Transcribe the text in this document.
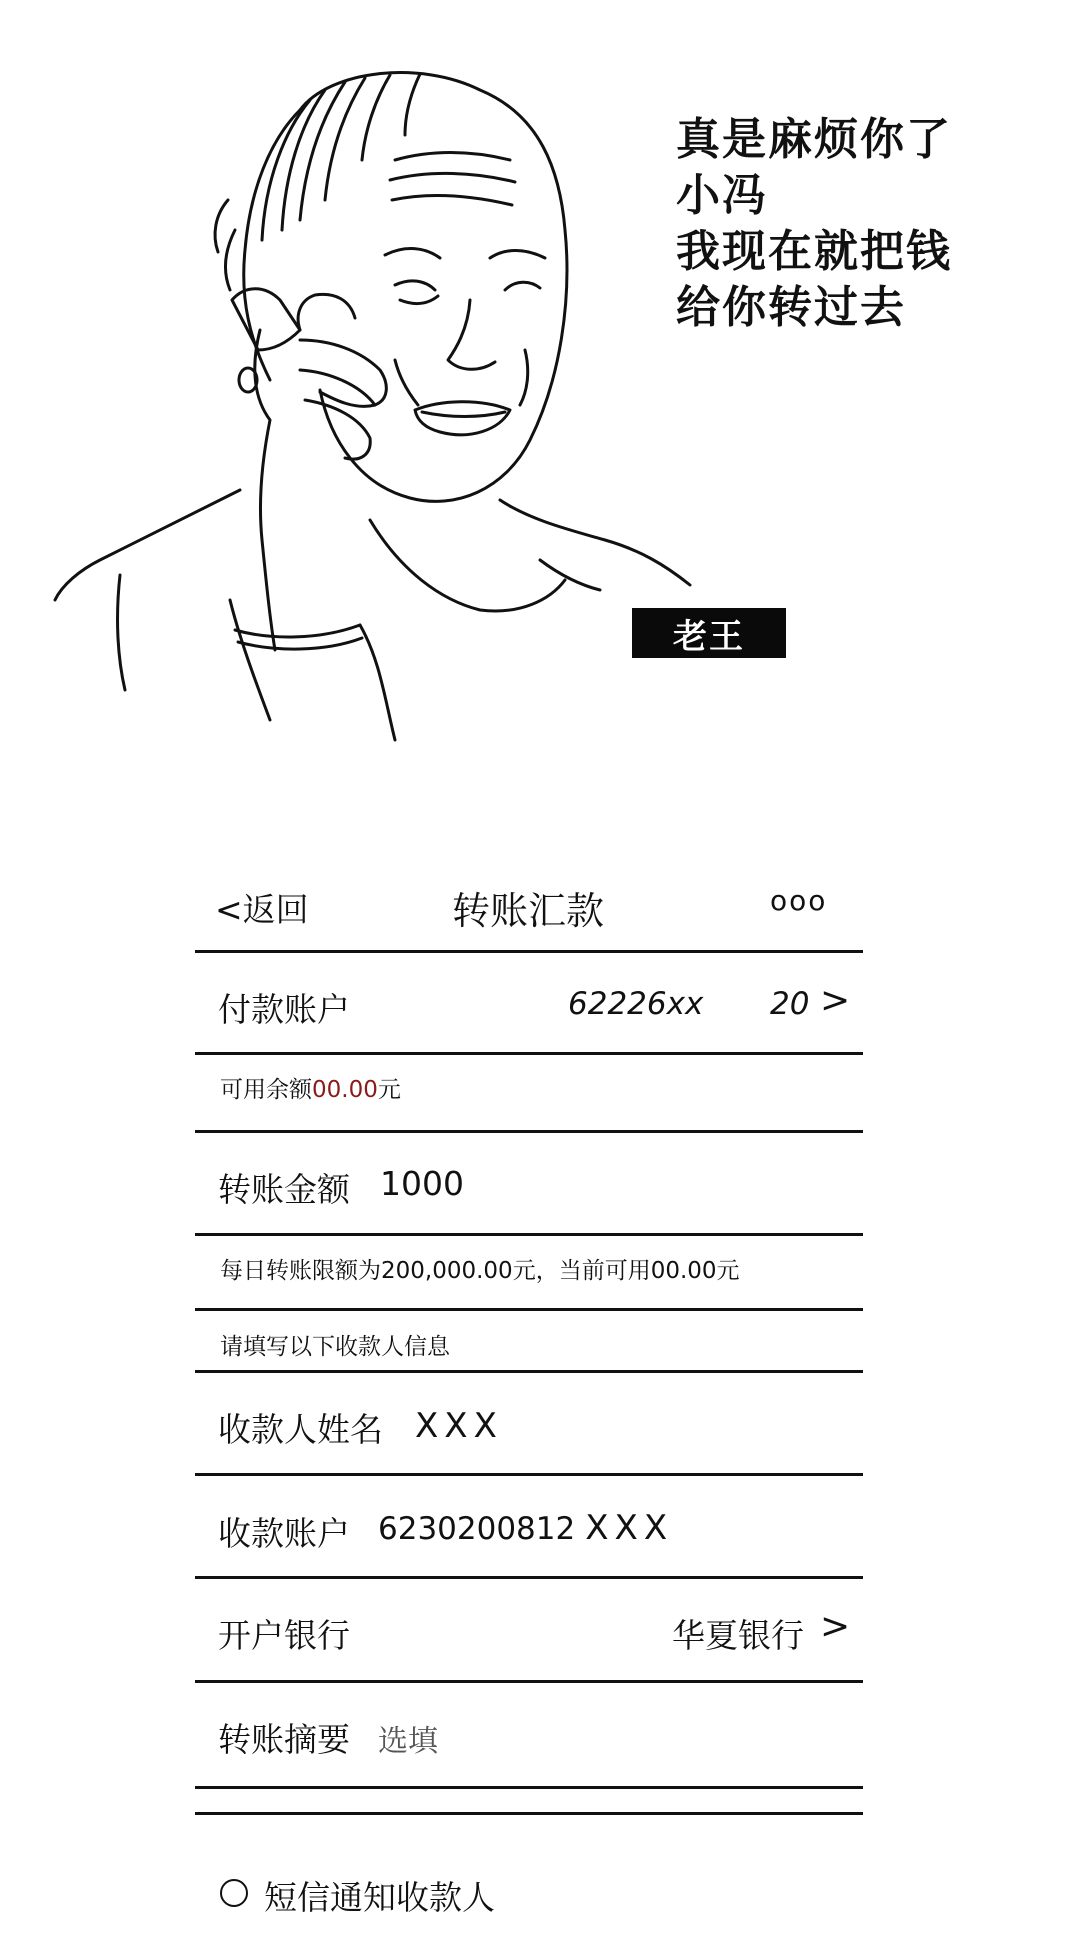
真是麻烦你了
小冯
我现在就把钱
给你转过去
老王
<返回	转账汇款	ooo
付款账户	62226xx 20 >
可用余额00.00元
转账金额 1000
每日转账限额为200,000.00元，当前可用00.00元
请填写以下收款人信息
收款人姓名 XXX
收款账户 6230200812 XXX
开户银行	华夏银行 >
转账摘要 选填
短信通知收款人
